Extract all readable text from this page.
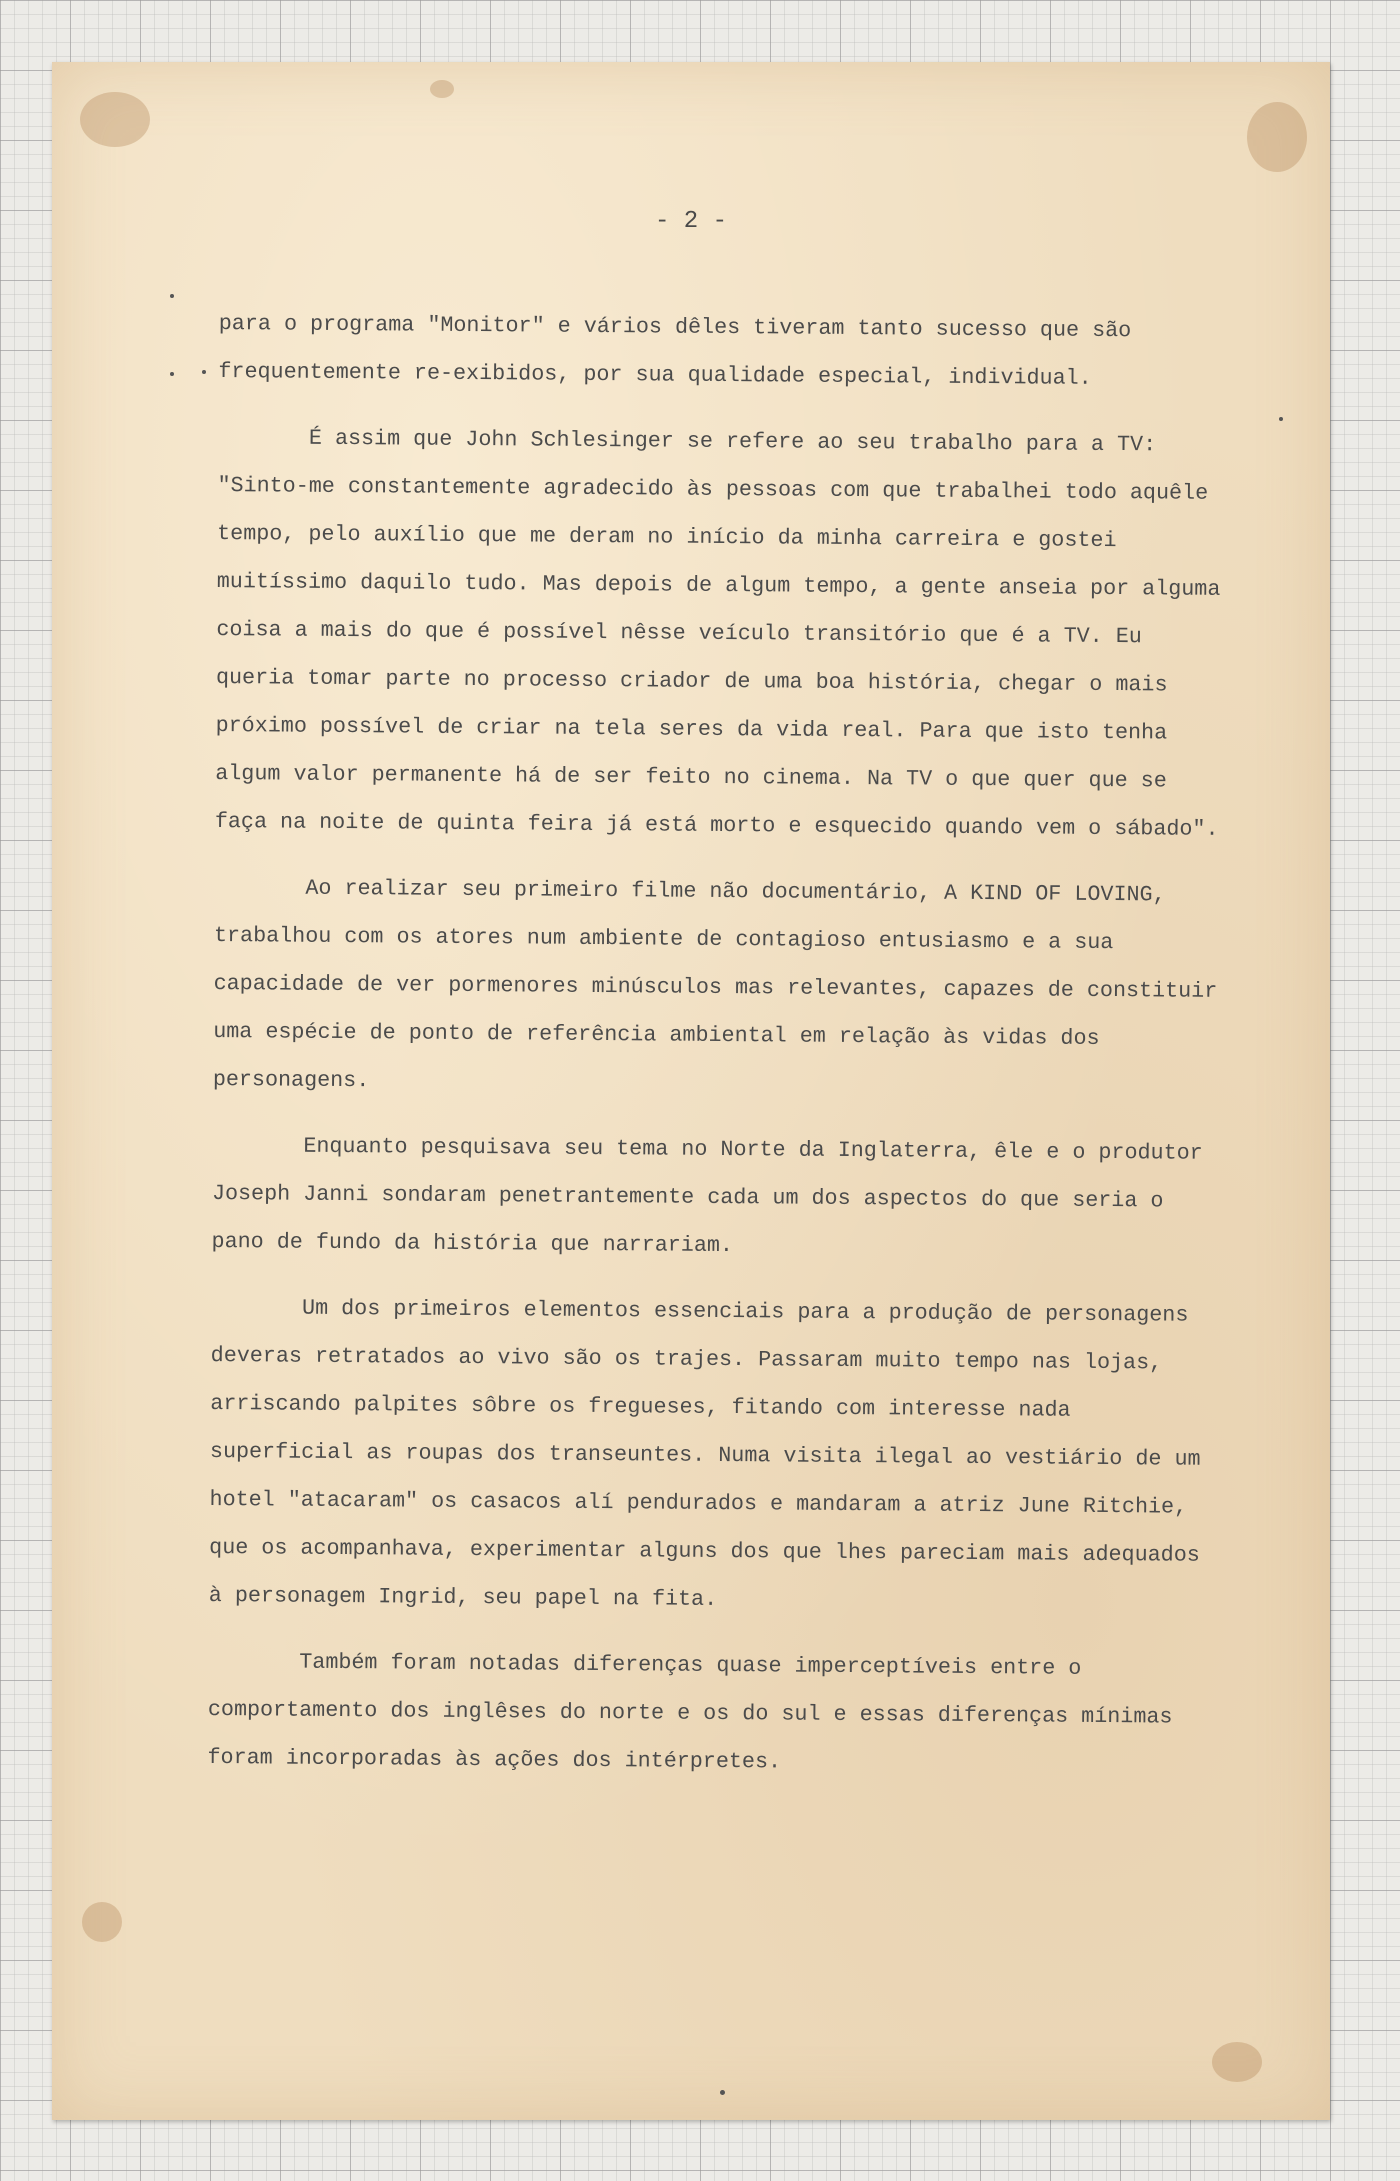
- 2 -

para o programa "Monitor" e vários dêles tiveram tanto sucesso que são frequentemente re-exibidos, por sua qualidade especial, individual.

É assim que John Schlesinger se refere ao seu trabalho para a TV: "Sinto-me constantemente agradecido às pessoas com que trabalhei todo aquêle tempo, pelo auxílio que me deram no início da minha carreira e gostei muitíssimo daquilo tudo. Mas depois de algum tempo, a gente anseia por alguma coisa a mais do que é possível nêsse veículo transitório que é a TV. Eu queria tomar parte no processo criador de uma boa história, chegar o mais próximo possível de criar na tela seres da vida real. Para que isto tenha algum valor permanente há de ser feito no cinema. Na TV o que quer que se faça na noite de quinta feira já está morto e esquecido quando vem o sábado".

Ao realizar seu primeiro filme não documentário, A KIND OF LOVING, trabalhou com os atores num ambiente de contagioso entusiasmo e a sua capacidade de ver pormenores minúsculos mas relevantes, capazes de constituir uma espécie de ponto de referência ambiental em relação às vidas dos personagens.

Enquanto pesquisava seu tema no Norte da Inglaterra, êle e o produtor Joseph Janni sondaram penetrantemente cada um dos aspectos do que seria o pano de fundo da história que narrariam.

Um dos primeiros elementos essenciais para a produção de personagens deveras retratados ao vivo são os trajes. Passaram muito tempo nas lojas, arriscando palpites sôbre os fregueses, fitando com interesse nada superficial as roupas dos transeuntes. Numa visita ilegal ao vestiário de um hotel "atacaram" os casacos alí pendurados e mandaram a atriz June Ritchie, que os acompanhava, experimentar alguns dos que lhes pareciam mais adequados à personagem Ingrid, seu papel na fita.

Também foram notadas diferenças quase imperceptíveis entre o comportamento dos inglêses do norte e os do sul e essas diferenças mínimas foram incorporadas às ações dos intérpretes.
